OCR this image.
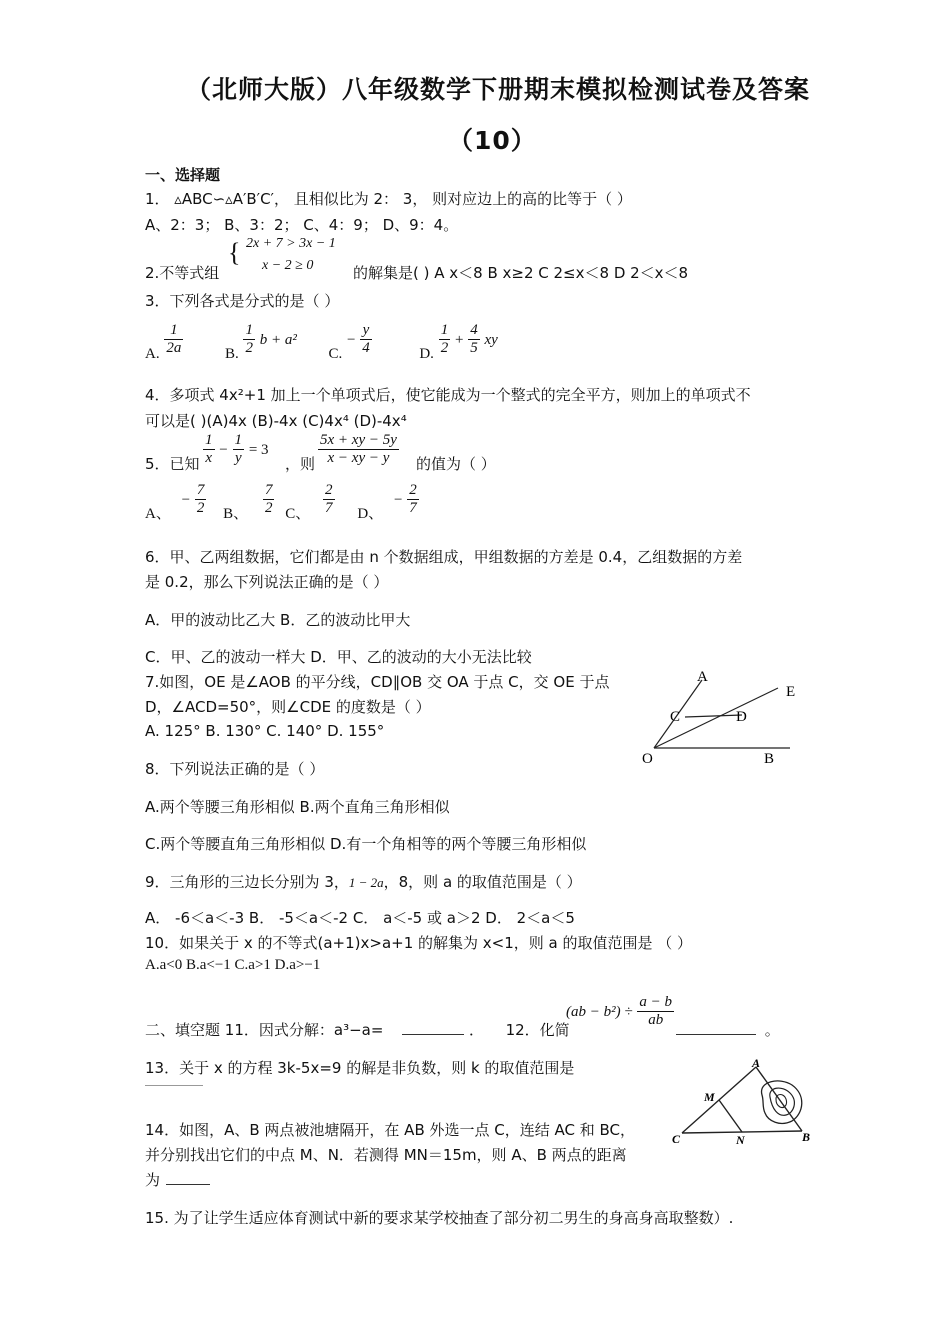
（北师大版）八年级数学下册期末模拟检测试卷及答案
（10）
一、选择题
1． ▵ABC∽▵A′B′C′， 且相似比为 2： 3， 则对应边上的高的比等于（ ）
A、2：3； B、3：2； C、4：9； D、9：4。
{ 2x + 7 > 3x − 1
x − 2 ≥ 0
2.不等式组	的解集是( ) A x＜8 B x≥2 C 2≤x＜8 D 2＜x＜8
3．下列各式是分式的是（ ）
A. $\frac{1}{2a}$	B. $\frac{1}{2}$ b + a²  C. − $\frac{y}{4}$	D. $\frac{1}{2} + \frac{4}{5}$ xy
4．多项式 4x²+1 加上一个单项式后，使它能成为一个整式的完全平方，则加上的单项式不
可以是( )(A)4x (B)-4x (C)4x⁴ (D)-4x⁴
5．已知 $\frac{1}{x} - \frac{1}{y} = 3$
，则 $\frac{5x + xy - 5y}{x - xy - y}$ 的值为（ ）
A、 − $\frac{7}{2}$ B、 $\frac{7}{2}$ C、 $\frac{2}{7}$ D、 − $\frac{2}{7}$
6．甲、乙两组数据，它们都是由 n 个数据组成，甲组数据的方差是 0.4，乙组数据的方差
是 0.2，那么下列说法正确的是（ ）
A．甲的波动比乙大 B．乙的波动比甲大
C．甲、乙的波动一样大 D．甲、乙的波动的大小无法比较
7.如图，OE 是∠AOB 的平分线，CD∥OB 交 OA 于点 C，交 OE 于点
D，∠ACD=50°，则∠CDE 的度数是（ ）
A. 125° B. 130° C. 140° D. 155°
A
E
C	D
O	B
8．下列说法正确的是（ ）
A.两个等腰三角形相似 B.两个直角三角形相似
C.两个等腰直角三角形相似 D.有一个角相等的两个等腰三角形相似
9．三角形的三边长分别为 3，1 − 2a，8，则 a 的取值范围是（ ）
A． -6＜a＜-3 B． -5＜a＜-2 C． a＜-5 或 a＞2 D． 2＜a＜5
10．如果关于 x 的不等式(a+1)x>a+1 的解集为 x<1，则 a 的取值范围是 （ ）
A.a<0 B.a<−1 C.a>1 D.a>−1
二、填空题 11．因式分解：a³−a=	． 12．化简
$(ab - b^2) \div \frac{a - b}{ab}$
。
13．关于 x 的方程 3k-5x=9 的解是非负数，则 k 的取值范围是
14．如图，A、B 两点被池塘隔开，在 AB 外选一点 C，连结 AC 和 BC，
并分别找出它们的中点 M、N．若测得 MN＝15m，则 A、B 两点的距离
为
A
M
C	N	B
15. 为了让学生适应体育测试中新的要求某学校抽查了部分初二男生的身高身高取整数）.
